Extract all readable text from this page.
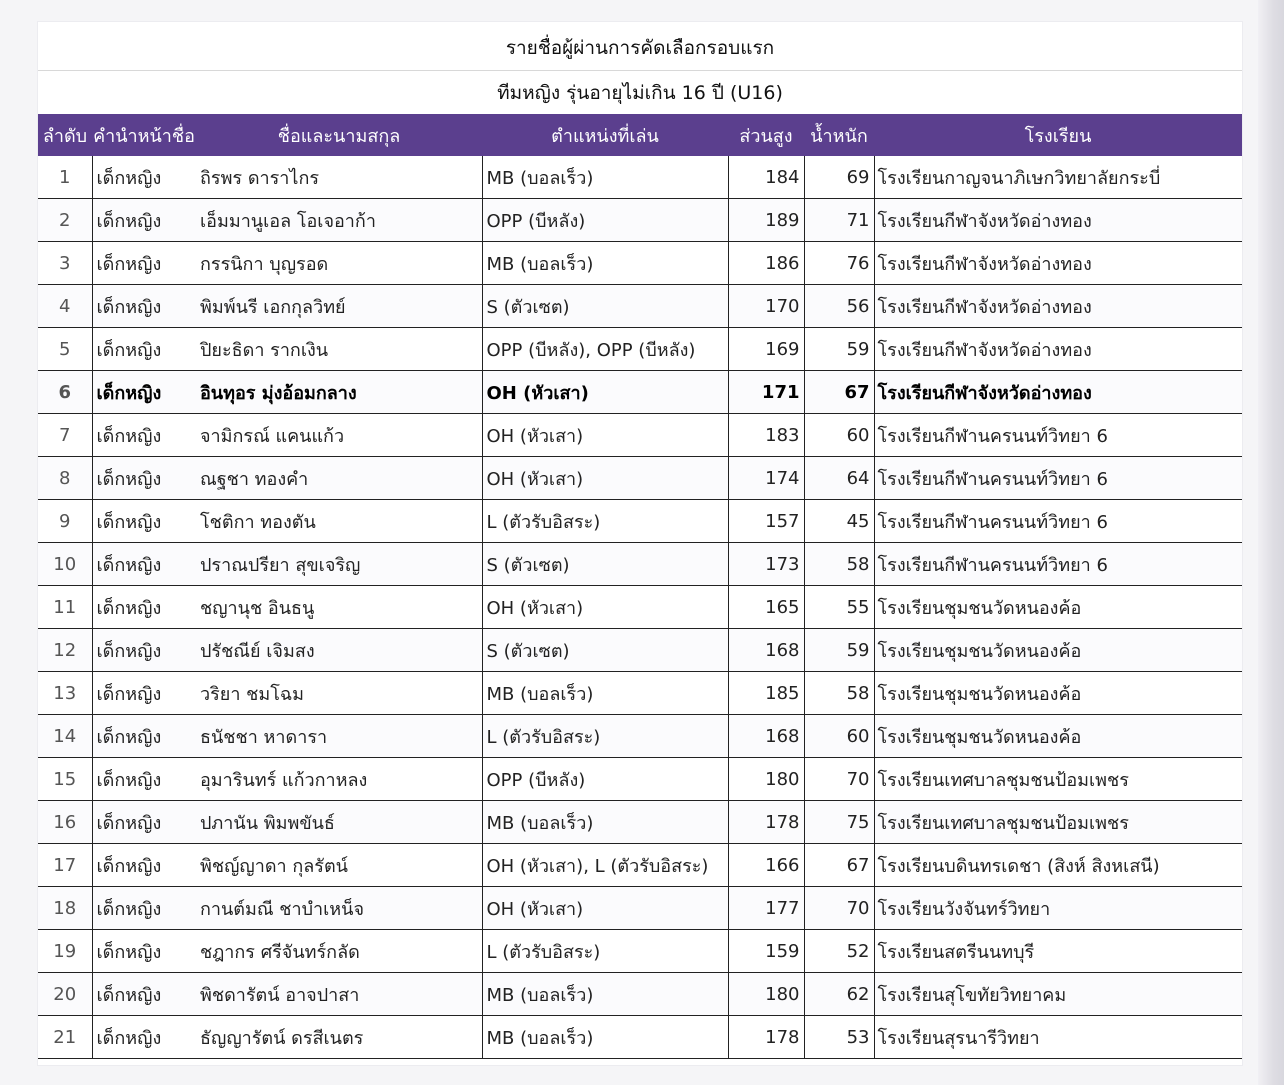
รายชื่อผู้ผ่านการคัดเลือกรอบแรก
ทีมหญิง รุ่นอายุไม่เกิน 16 ปี (U16)
ลำดับ	คำนำหน้าชื่อ	ชื่อและนามสกุล	ตำแหน่งที่เล่น	ส่วนสูง	น้ำหนัก	โรงเรียน
1	เด็กหญิง	ถิรพร ดาราไกร	MB (บอลเร็ว)	184	69	โรงเรียนกาญจนาภิเษกวิทยาลัยกระบี่
2	เด็กหญิง	เอ็มมานูเอล โอเจอาก้า	OPP (บีหลัง)	189	71	โรงเรียนกีฬาจังหวัดอ่างทอง
3	เด็กหญิง	กรรนิกา บุญรอด	MB (บอลเร็ว)	186	76	โรงเรียนกีฬาจังหวัดอ่างทอง
4	เด็กหญิง	พิมพ์นรี เอกกุลวิทย์	S (ตัวเซต)	170	56	โรงเรียนกีฬาจังหวัดอ่างทอง
5	เด็กหญิง	ปิยะธิดา รากเงิน	OPP (บีหลัง), OPP (บีหลัง)	169	59	โรงเรียนกีฬาจังหวัดอ่างทอง
6	เด็กหญิง	อินทุอร มุ่งอ้อมกลาง	OH (หัวเสา)	171	67	โรงเรียนกีฬาจังหวัดอ่างทอง
7	เด็กหญิง	จามิกรณ์ แคนแก้ว	OH (หัวเสา)	183	60	โรงเรียนกีฬานครนนท์วิทยา 6
8	เด็กหญิง	ณฐชา ทองคำ	OH (หัวเสา)	174	64	โรงเรียนกีฬานครนนท์วิทยา 6
9	เด็กหญิง	โชติกา ทองตัน	L (ตัวรับอิสระ)	157	45	โรงเรียนกีฬานครนนท์วิทยา 6
10	เด็กหญิง	ปราณปรียา สุขเจริญ	S (ตัวเซต)	173	58	โรงเรียนกีฬานครนนท์วิทยา 6
11	เด็กหญิง	ชญานุช อินธนู	OH (หัวเสา)	165	55	โรงเรียนชุมชนวัดหนองค้อ
12	เด็กหญิง	ปรัชณีย์ เจิมสง	S (ตัวเซต)	168	59	โรงเรียนชุมชนวัดหนองค้อ
13	เด็กหญิง	วริยา ชมโฉม	MB (บอลเร็ว)	185	58	โรงเรียนชุมชนวัดหนองค้อ
14	เด็กหญิง	ธนัชชา หาดารา	L (ตัวรับอิสระ)	168	60	โรงเรียนชุมชนวัดหนองค้อ
15	เด็กหญิง	อุมารินทร์ แก้วกาหลง	OPP (บีหลัง)	180	70	โรงเรียนเทศบาลชุมชนป้อมเพชร
16	เด็กหญิง	ปภานัน พิมพขันธ์	MB (บอลเร็ว)	178	75	โรงเรียนเทศบาลชุมชนป้อมเพชร
17	เด็กหญิง	พิชญ์ญาดา กุลรัตน์	OH (หัวเสา), L (ตัวรับอิสระ)	166	67	โรงเรียนบดินทรเดชา (สิงห์ สิงหเสนี)
18	เด็กหญิง	กานต์มณี ชาบำเหน็จ	OH (หัวเสา)	177	70	โรงเรียนวังจันทร์วิทยา
19	เด็กหญิง	ชฎากร ศรีจันทร์กลัด	L (ตัวรับอิสระ)	159	52	โรงเรียนสตรีนนทบุรี
20	เด็กหญิง	พิชดารัตน์ อาจปาสา	MB (บอลเร็ว)	180	62	โรงเรียนสุโขทัยวิทยาคม
21	เด็กหญิง	ธัญญารัตน์ ดรสีเนตร	MB (บอลเร็ว)	178	53	โรงเรียนสุรนารีวิทยา
